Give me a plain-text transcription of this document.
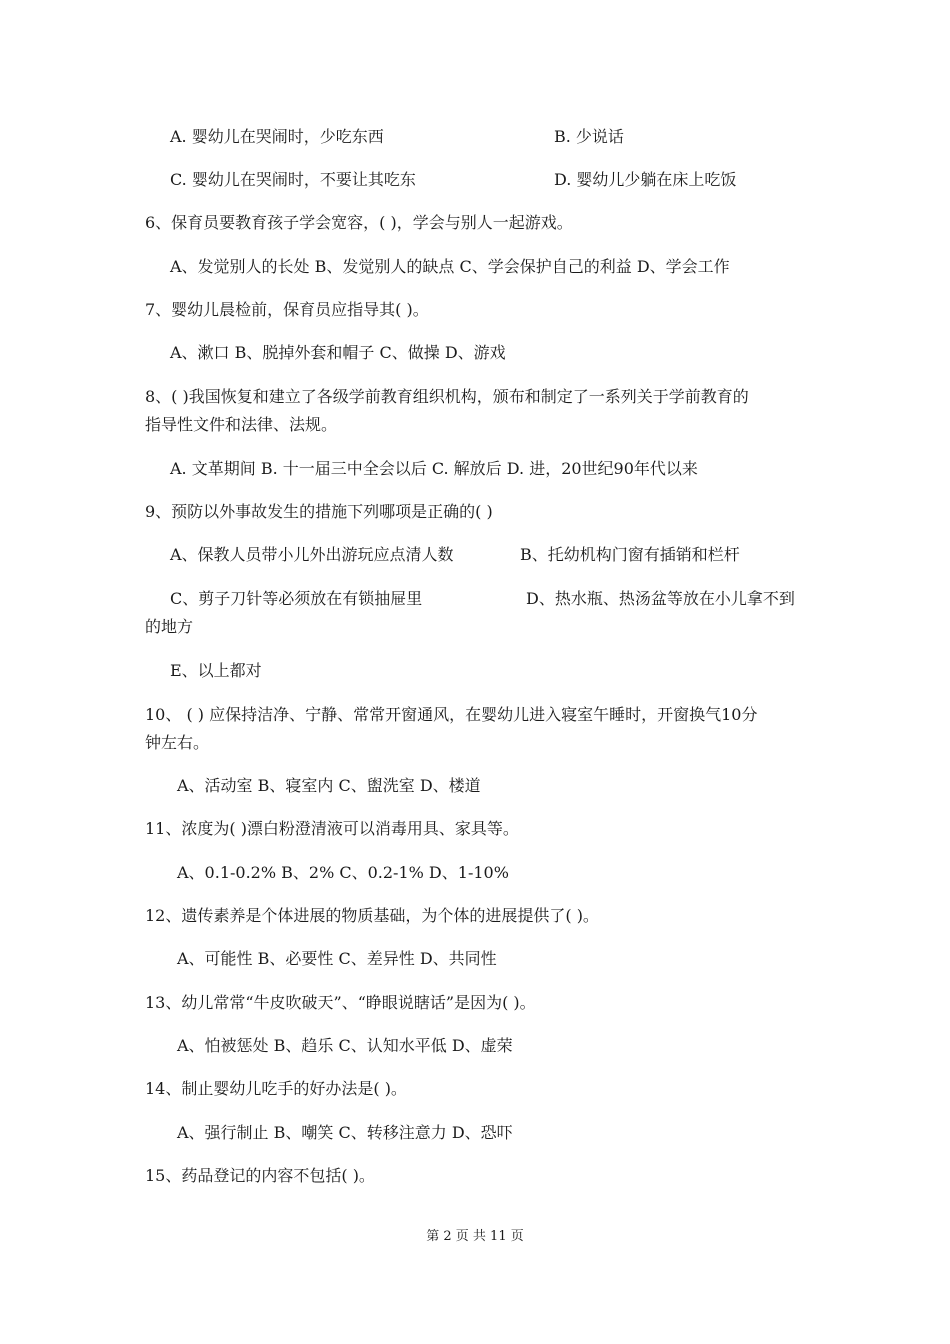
A. 婴幼儿在哭闹时，少吃东西	B. 少说话
C. 婴幼儿在哭闹时，不要让其吃东	D. 婴幼儿少躺在床上吃饭
6、保育员要教育孩子学会宽容，( )，学会与别人一起游戏。
A、发觉别人的长处 B、发觉别人的缺点 C、学会保护自己的利益 D、学会工作
7、婴幼儿晨检前，保育员应指导其( )。
A、漱口 B、脱掉外套和帽子 C、做操 D、游戏
8、( )我国恢复和建立了各级学前教育组织机构，颁布和制定了一系列关于学前教育的
指导性文件和法律、法规。
A. 文革期间 B. 十一届三中全会以后 C. 解放后 D. 进，20世纪90年代以来
9、预防以外事故发生的措施下列哪项是正确的( )
A、保教人员带小儿外出游玩应点清人数	B、托幼机构门窗有插销和栏杆
C、剪子刀针等必须放在有锁抽屉里	D、热水瓶、热汤盆等放在小儿拿不到
的地方
E、以上都对
10、 ( ) 应保持洁净、宁静、常常开窗通风，在婴幼儿进入寝室午睡时，开窗换气10分
钟左右。
A、活动室 B、寝室内 C、盥洗室 D、楼道
11、浓度为( )漂白粉澄清液可以消毒用具、家具等。
A、0.1-0.2% B、2% C、0.2-1% D、1-10%
12、遗传素养是个体进展的物质基础，为个体的进展提供了( )。
A、可能性 B、必要性 C、差异性 D、共同性
13、幼儿常常“牛皮吹破天”、“睁眼说瞎话”是因为( )。
A、怕被惩处 B、趋乐 C、认知水平低 D、虚荣
14、制止婴幼儿吃手的好办法是( )。
A、强行制止 B、嘲笑 C、转移注意力 D、恐吓
15、药品登记的内容不包括( )。
第 2 页 共 11 页
